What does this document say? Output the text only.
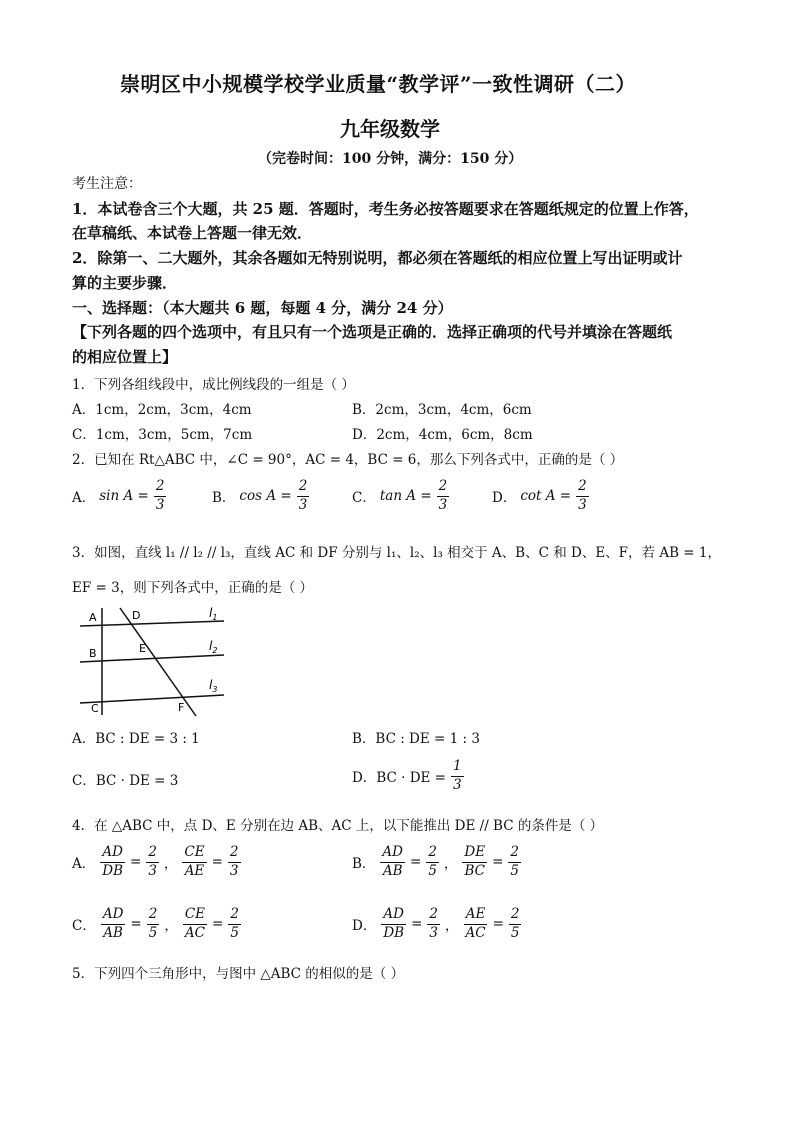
崇明区中小规模学校学业质量“教学评”一致性调研（二）
九年级数学
（完卷时间：100 分钟，满分：150 分）
考生注意：
1．本试卷含三个大题，共 25 题．答题时，考生务必按答题要求在答题纸规定的位置上作答，
在草稿纸、本试卷上答题一律无效．
2．除第一、二大题外，其余各题如无特别说明，都必须在答题纸的相应位置上写出证明或计
算的主要步骤．
一、选择题：（本大题共 6 题，每题 4 分，满分 24 分）
【下列各题的四个选项中，有且只有一个选项是正确的．选择正确项的代号并填涂在答题纸
的相应位置上】
1．下列各组线段中，成比例线段的一组是（ ）
A．1cm，2cm，3cm，4cm	B．2cm，3cm，4cm，6cm
C．1cm，3cm，5cm，7cm	D．2cm，4cm，6cm，8cm
2．已知在 Rt△ABC 中，∠C = 90°，AC = 4，BC = 6，那么下列各式中，正确的是（ ）
A． $\sin A = \frac{2}{3}$	B． $\cos A = \frac{2}{3}$	C． $\tan A = \frac{2}{3}$	D． $\cot A = \frac{2}{3}$
3．如图，直线 l₁ // l₂ // l₃，直线 AC 和 DF 分别与 l₁、l₂、l₃ 相交于 A、B、C 和 D、E、F，若 AB = 1，
EF = 3，则下列各式中，正确的是（ ）
A	D
B	E
C	F
$l_1$
$l_2$
$l_3$
A．BC : DE = 3 : 1	B．BC : DE = 1 : 3
C．BC · DE = 3	D．BC · DE = $\frac{1}{3}$
4．在 △ABC 中，点 D、E 分别在边 AB、AC 上，以下能推出 DE // BC 的条件是（ ）
A． $\frac{AD}{DB} = \frac{2}{3}$ ， $\frac{CE}{AE} = \frac{2}{3}$	B． $\frac{AD}{AB} = \frac{2}{5}$ ， $\frac{DE}{BC} = \frac{2}{5}$
C． $\frac{AD}{AB} = \frac{2}{5}$ ， $\frac{CE}{AC} = \frac{2}{5}$	D． $\frac{AD}{DB} = \frac{2}{3}$ ， $\frac{AE}{AC} = \frac{2}{5}$
5．下列四个三角形中，与图中 △ABC 的相似的是（ ）
